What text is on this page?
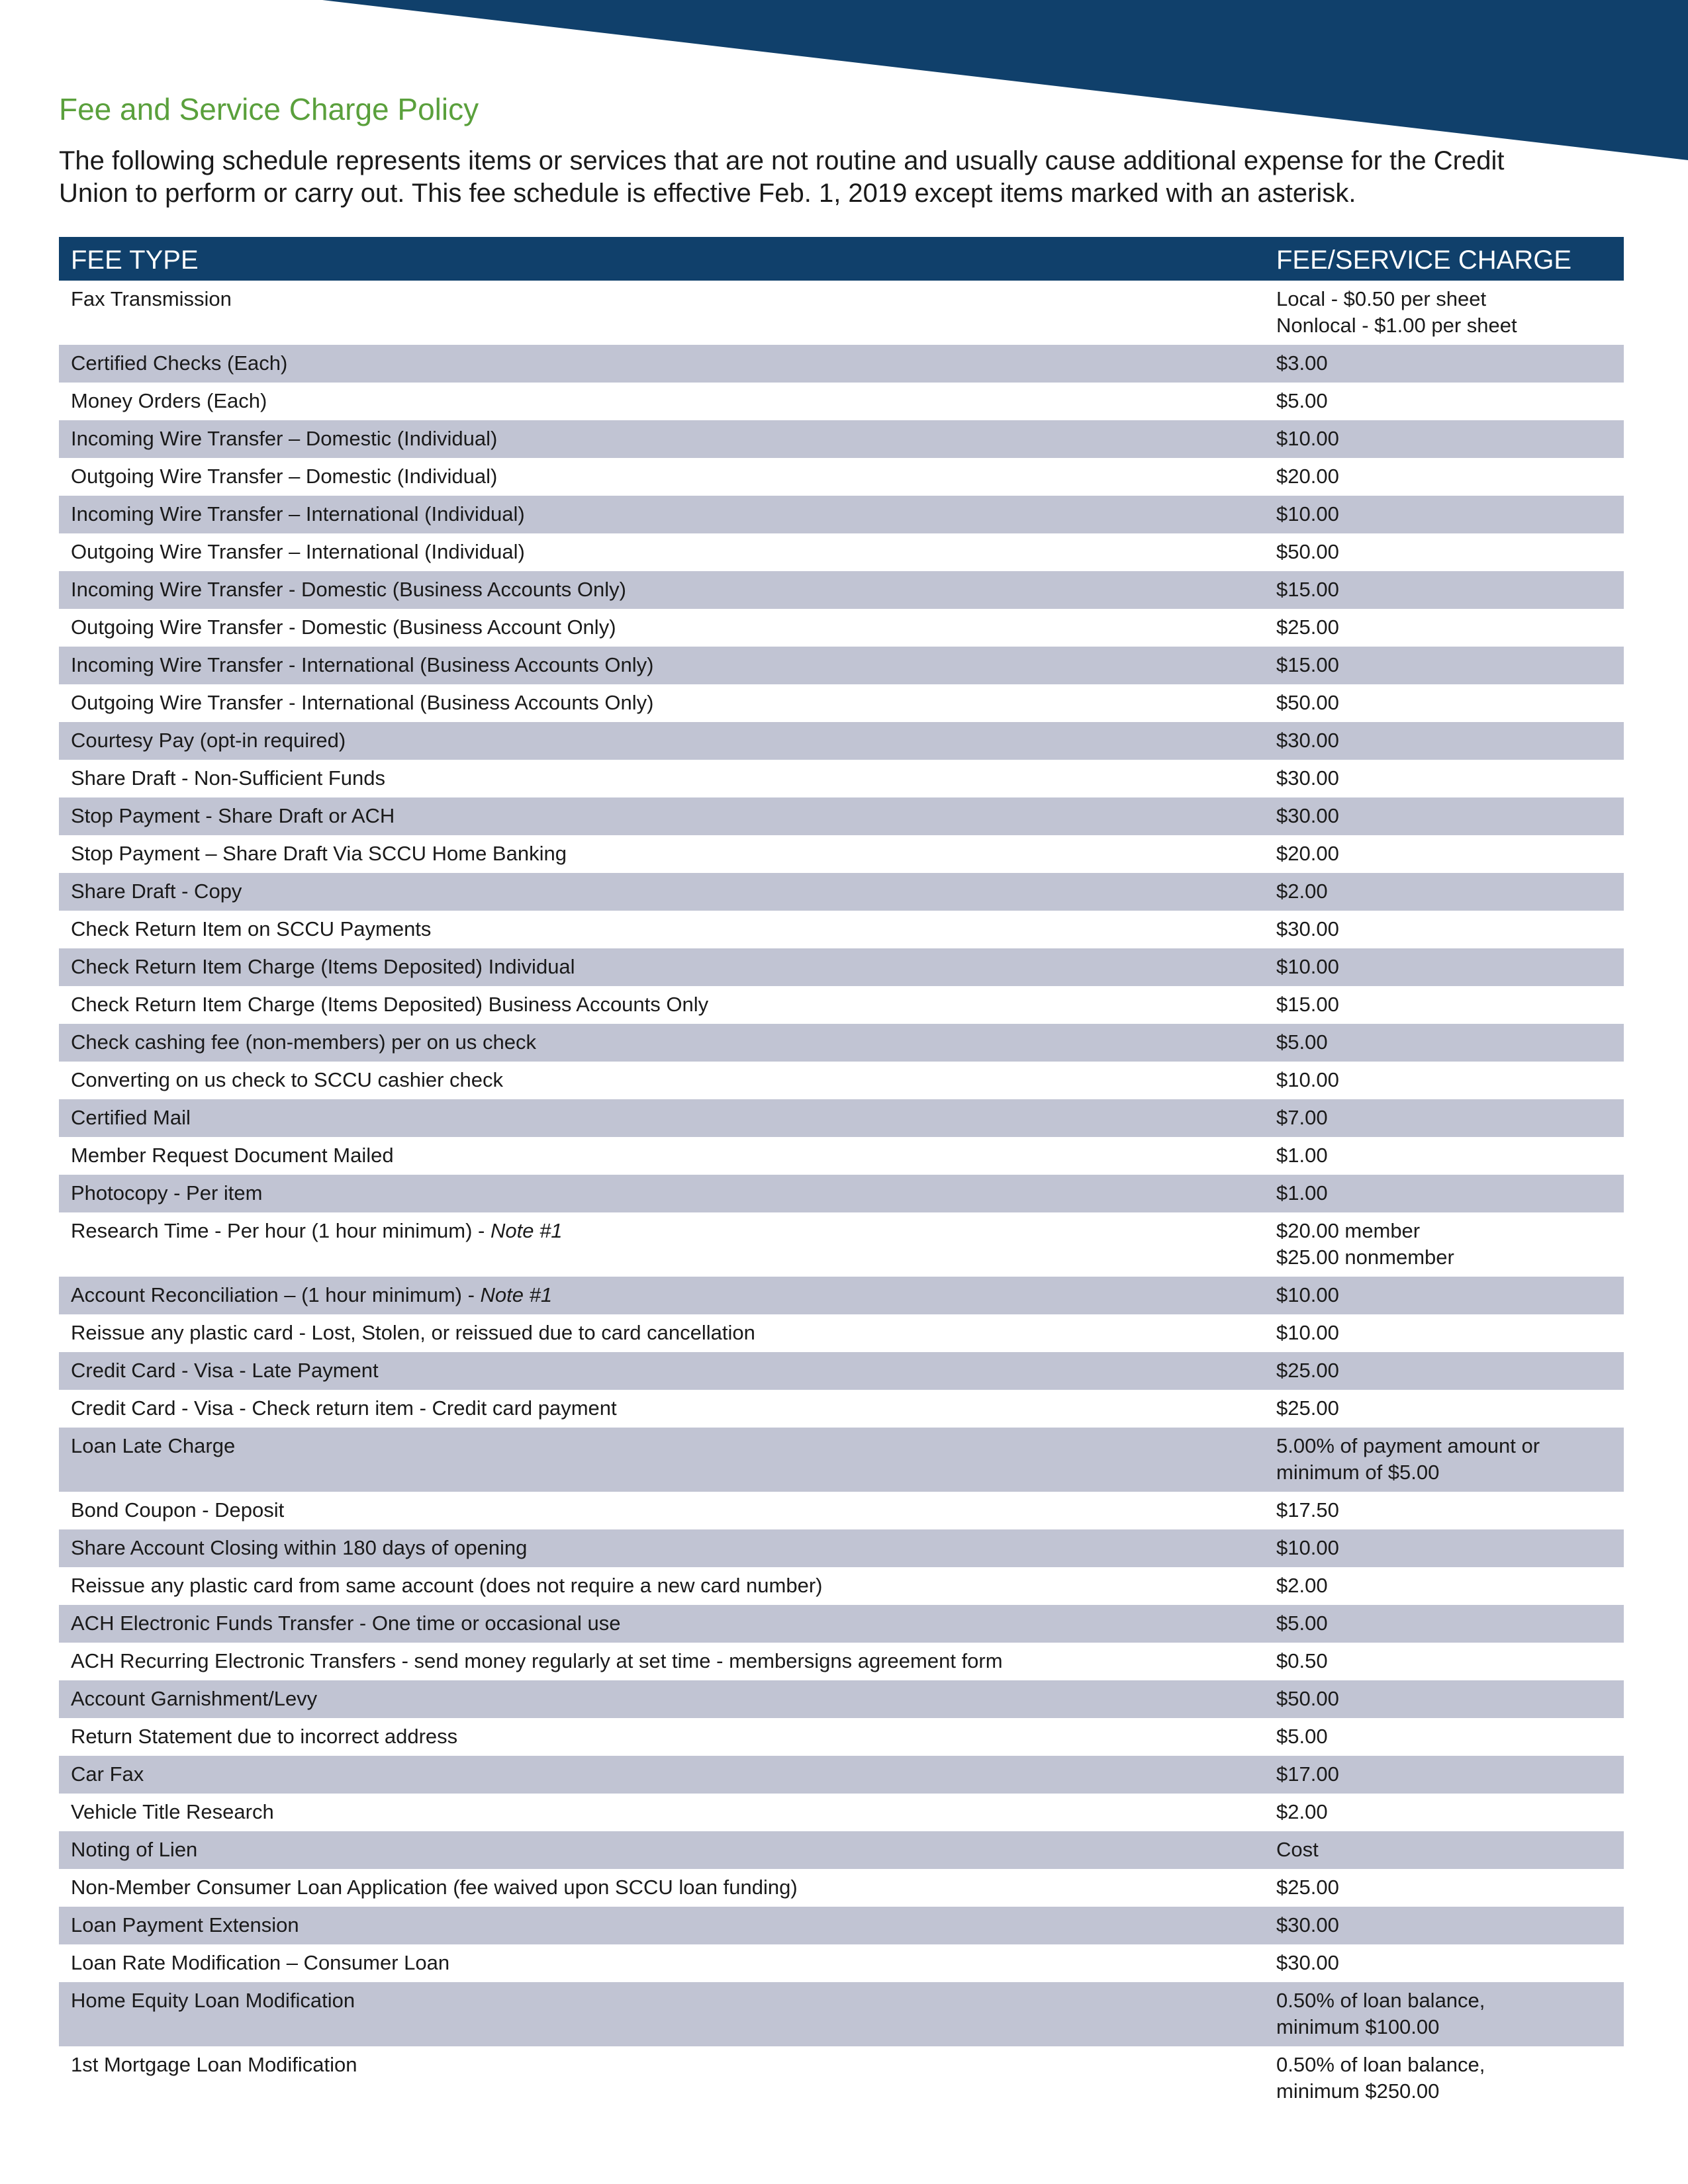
Fee and Service Charge Policy

The following schedule represents items or services that are not routine and usually cause additional expense for the Credit Union to perform or carry out. This fee schedule is effective Feb. 1, 2019 except items marked with an asterisk.

FEE TYPE	FEE/SERVICE CHARGE
Fax Transmission	Local - $0.50 per sheet
Nonlocal - $1.00 per sheet

Certified Checks (Each)	$3.00

Money Orders (Each)	$5.00

Incoming Wire Transfer – Domestic (Individual)	$10.00

Outgoing Wire Transfer – Domestic (Individual)	$20.00

Incoming Wire Transfer – International (Individual)	$10.00

Outgoing Wire Transfer – International (Individual)	$50.00

Incoming Wire Transfer - Domestic (Business Accounts Only)	$15.00

Outgoing Wire Transfer - Domestic (Business Account Only)	$25.00

Incoming Wire Transfer - International (Business Accounts Only)	$15.00

Outgoing Wire Transfer - International (Business Accounts Only)	$50.00

Courtesy Pay (opt-in required)	$30.00

Share Draft - Non-Sufficient Funds	$30.00

Stop Payment - Share Draft or ACH	$30.00

Stop Payment – Share Draft Via SCCU Home Banking	$20.00

Share Draft - Copy	$2.00

Check Return Item on SCCU Payments	$30.00

Check Return Item Charge (Items Deposited) Individual	$10.00

Check Return Item Charge (Items Deposited) Business Accounts Only	$15.00

Check cashing fee (non-members) per on us check	$5.00

Converting on us check to SCCU cashier check	$10.00

Certified Mail	$7.00

Member Request Document Mailed	$1.00

Photocopy - Per item	$1.00

Research Time - Per hour (1 hour minimum) - Note #1	$20.00 member
$25.00 nonmember

Account Reconciliation – (1 hour minimum) - Note #1	$10.00

Reissue any plastic card - Lost, Stolen, or reissued due to card cancellation	$10.00

Credit Card - Visa - Late Payment	$25.00

Credit Card - Visa - Check return item - Credit card payment	$25.00

Loan Late Charge	5.00% of payment amount or
minimum of $5.00

Bond Coupon - Deposit	$17.50

Share Account Closing within 180 days of opening	$10.00

Reissue any plastic card from same account (does not require a new card number)	$2.00

ACH Electronic Funds Transfer - One time or occasional use	$5.00

ACH Recurring Electronic Transfers - send money regularly at set time - membersigns agreement form	$0.50

Account Garnishment/Levy	$50.00

Return Statement due to incorrect address	$5.00

Car Fax	$17.00

Vehicle Title Research	$2.00

Noting of Lien	Cost

Non-Member Consumer Loan Application (fee waived upon SCCU loan funding)	$25.00

Loan Payment Extension	$30.00

Loan Rate Modification – Consumer Loan	$30.00

Home Equity Loan Modification	0.50% of loan balance,
minimum $100.00

1st Mortgage Loan Modification	0.50% of loan balance,
minimum $250.00
